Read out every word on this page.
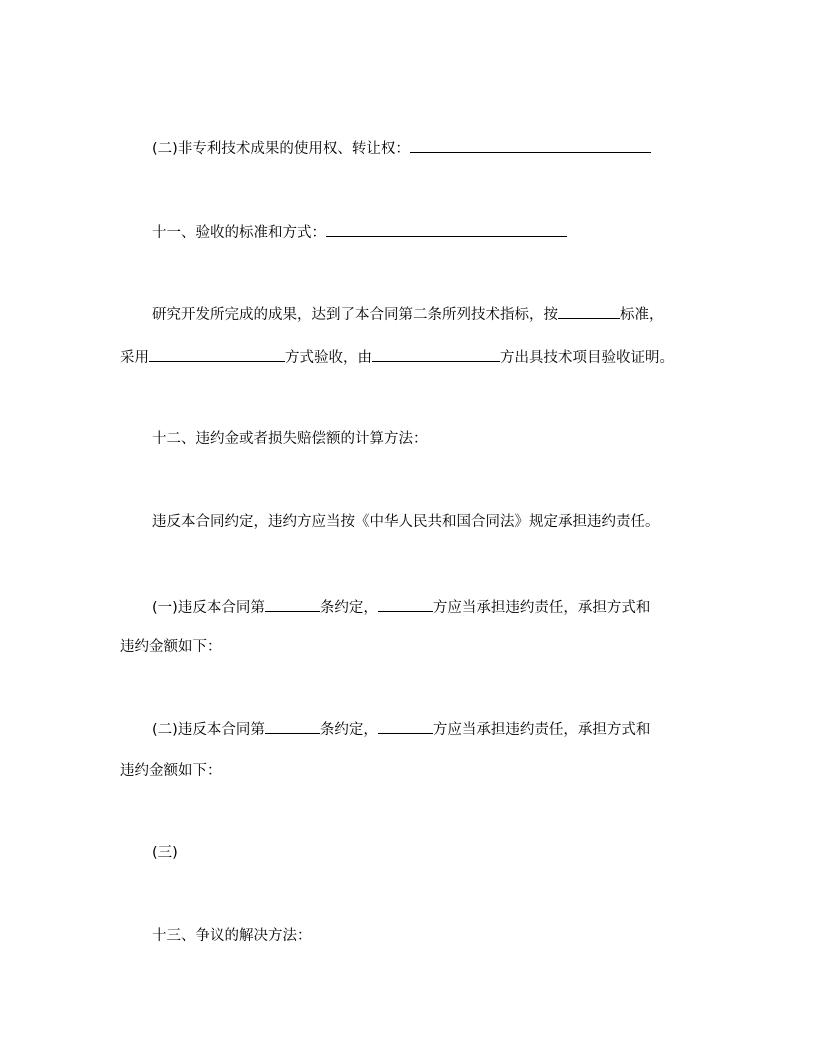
(二)非专利技术成果的使用权、转让权：
十一、验收的标准和方式：
研究开发所完成的成果，达到了本合同第二条所列技术指标，按	标准，
采用	方式验收，由	方出具技术项目验收证明。
十二、违约金或者损失赔偿额的计算方法：
违反本合同约定，违约方应当按《中华人民共和国合同法》规定承担违约责任。
(一)违反本合同第	条约定，	方应当承担违约责任，承担方式和
违约金额如下：
(二)违反本合同第	条约定，	方应当承担违约责任，承担方式和
违约金额如下：
(三)
十三、争议的解决方法：
